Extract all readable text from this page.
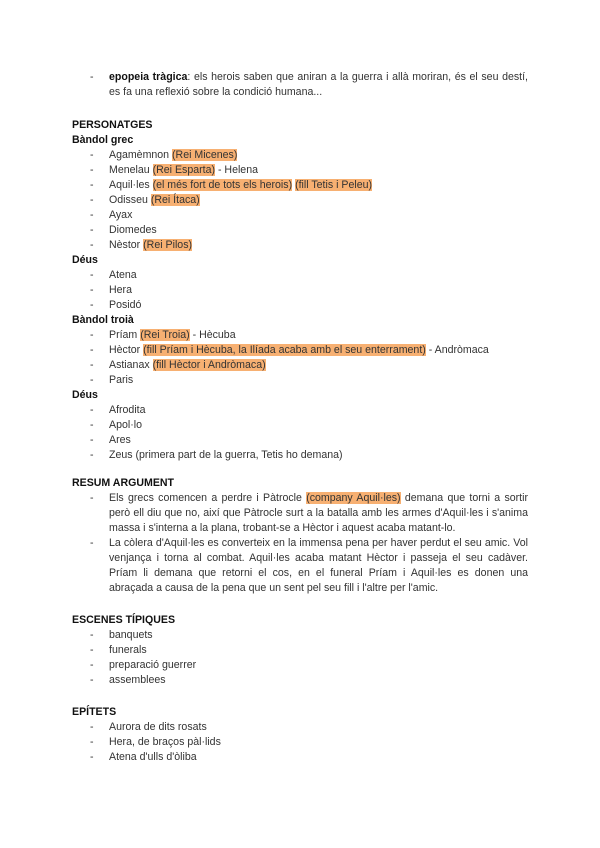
- epopeia tràgica: els herois saben que aniran a la guerra i allà moriran, és el seu destí, es fa una reflexió sobre la condició humana...
PERSONATGES
Bàndol grec
- Agamèmnon (Rei Micenes)
- Menelau (Rei Esparta) - Helena
- Aquil·les (el més fort de tots els herois) (fill Tetis i Peleu)
- Odisseu (Rei Ítaca)
- Ayax
- Diomedes
- Nèstor (Rei Pilos)
Déus
- Atena
- Hera
- Posidó
Bàndol troià
- Príam (Rei Troia) - Hècuba
- Hèctor (fill Príam i Hècuba, la Ilíada acaba amb el seu enterrament) - Andròmaca
- Astianax (fill Hèctor i Andròmaca)
- Paris
Déus
- Afrodita
- Apol·lo
- Ares
- Zeus (primera part de la guerra, Tetis ho demana)
RESUM ARGUMENT
- Els grecs comencen a perdre i Pàtrocle (company Aquil·les) demana que torni a sortir però ell diu que no, així que Pàtrocle surt a la batalla amb les armes d'Aquil·les i s'anima massa i s'interna a la plana, trobant-se a Hèctor i aquest acaba matant-lo.
- La còlera d'Aquil·les es converteix en la immensa pena per haver perdut el seu amic. Vol venjança i torna al combat. Aquil·les acaba matant Hèctor i passeja el seu cadàver. Príam li demana que retorni el cos, en el funeral Príam i Aquil·les es donen una abraçada a causa de la pena que un sent pel seu fill i l'altre per l'amic.
ESCENES TÍPIQUES
- banquets
- funerals
- preparació guerrer
- assemblees
EPÍTETS
- Aurora de dits rosats
- Hera, de braços pàl·lids
- Atena d'ulls d'òliba
